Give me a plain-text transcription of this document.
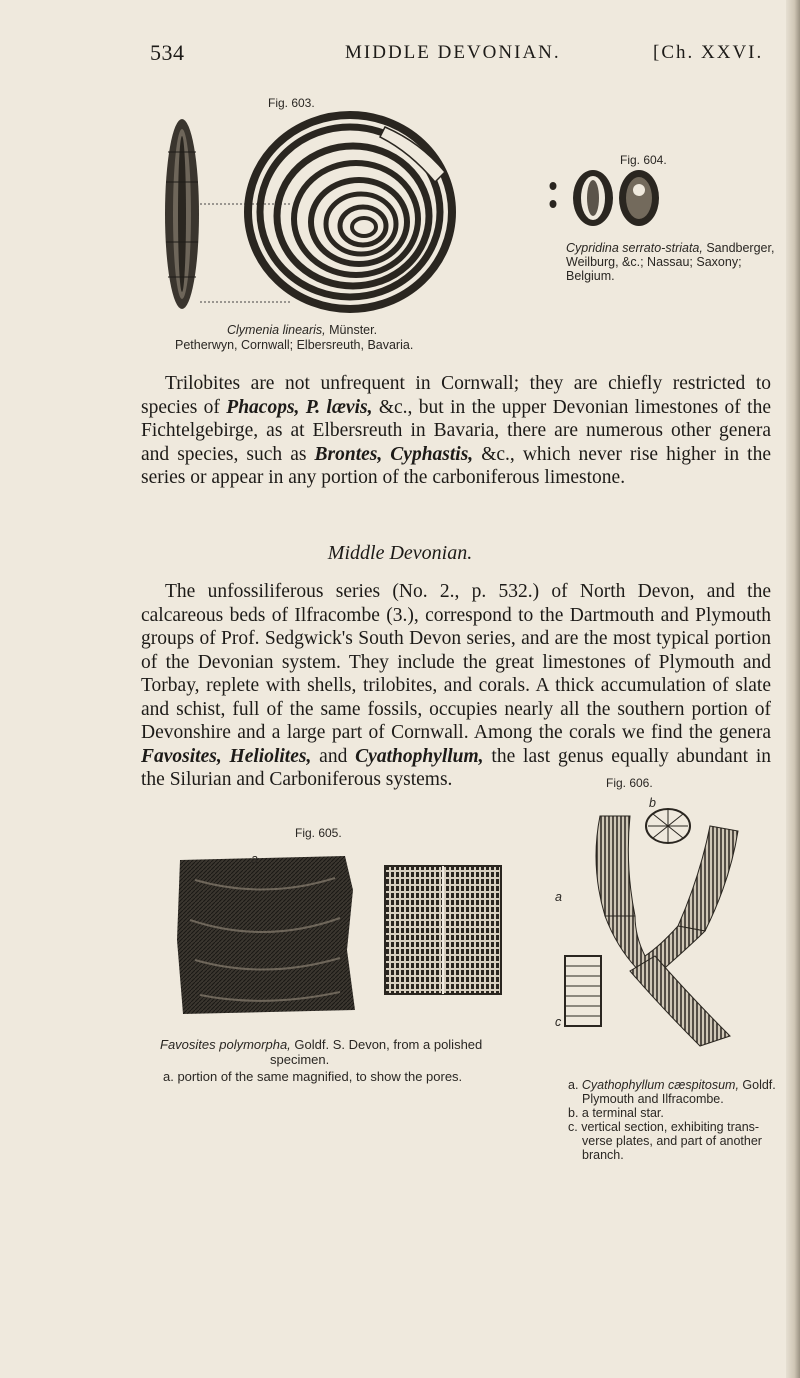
534	MIDDLE DEVONIAN.	[Ch. XXVI.
Fig. 603.
Clymenia linearis, Münster.
Petherwyn, Cornwall; Elbersreuth, Bavaria.
Fig. 604.
Cypridina serrato-striata, Sandberger,
Weilburg, &c.; Nassau; Saxony;
Belgium.

Trilobites are not unfrequent in Cornwall; they are chiefly restricted to species of Phacops, P. lævis, &c., but in the upper Devonian limestones of the Fichtelgebirge, as at Elbersreuth in Bavaria, there are numerous other genera and species, such as Brontes, Cyphastis, &c., which never rise higher in the series or appear in any portion of the carboniferous limestone.

Middle Devonian.

The unfossiliferous series (No. 2., p. 532.) of North Devon, and the calcareous beds of Ilfracombe (3.), correspond to the Dartmouth and Plymouth groups of Prof. Sedgwick's South Devon series, and are the most typical portion of the Devonian system. They include the great limestones of Plymouth and Torbay, replete with shells, trilobites, and corals. A thick accumulation of slate and schist, full of the same fossils, occupies nearly all the southern portion of Devonshire and a large part of Cornwall. Among the corals we find the genera Favosites, Heliolites, and Cyathophyllum, the last genus equally abundant in the Silurian and Carboniferous systems.

Fig. 605.
a
Favosites polymorpha, Goldf. S. Devon, from a polished
specimen.
a. portion of the same magnified, to show the pores.
Fig. 606.
b
a
c
a. Cyathophyllum cæspitosum, Goldf.
Plymouth and Ilfracombe.
b. a terminal star.
c. vertical section, exhibiting trans-
verse plates, and part of another
branch.
